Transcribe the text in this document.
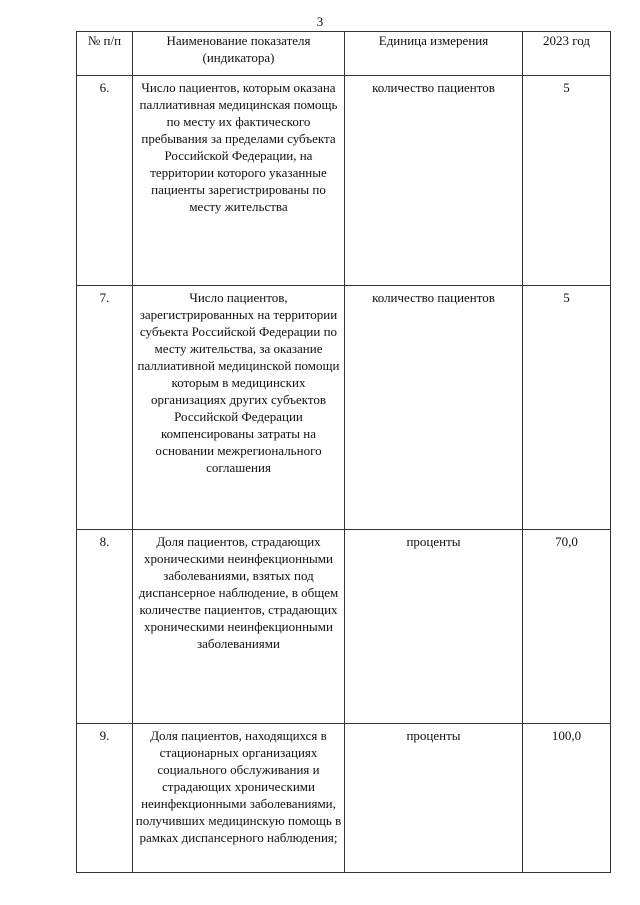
3
№ п/п	Наименование показателя (индикатора)	Единица измерения	2023 год
6.	Число пациентов, которым оказана паллиативная медицинская помощь по месту их фактического пребывания за пределами субъекта Российской Федерации, на территории которого указанные пациенты зарегистрированы по месту жительства	количество пациентов	5
7.	Число пациентов, зарегистрированных на территории субъекта Российской Федерации по месту жительства, за оказание паллиативной медицинской помощи которым в медицинских организациях других субъектов Российской Федерации компенсированы затраты на основании межрегионального соглашения	количество пациентов	5
8.	Доля пациентов, страдающих хроническими неинфекционными заболеваниями, взятых под диспансерное наблюдение, в общем количестве пациентов, страдающих хроническими неинфекционными заболеваниями	проценты	70,0
9.	Доля пациентов, находящихся в стационарных организациях социального обслуживания и страдающих хроническими неинфекционными заболеваниями, получивших медицинскую помощь в рамках диспансерного наблюдения;	проценты	100,0
